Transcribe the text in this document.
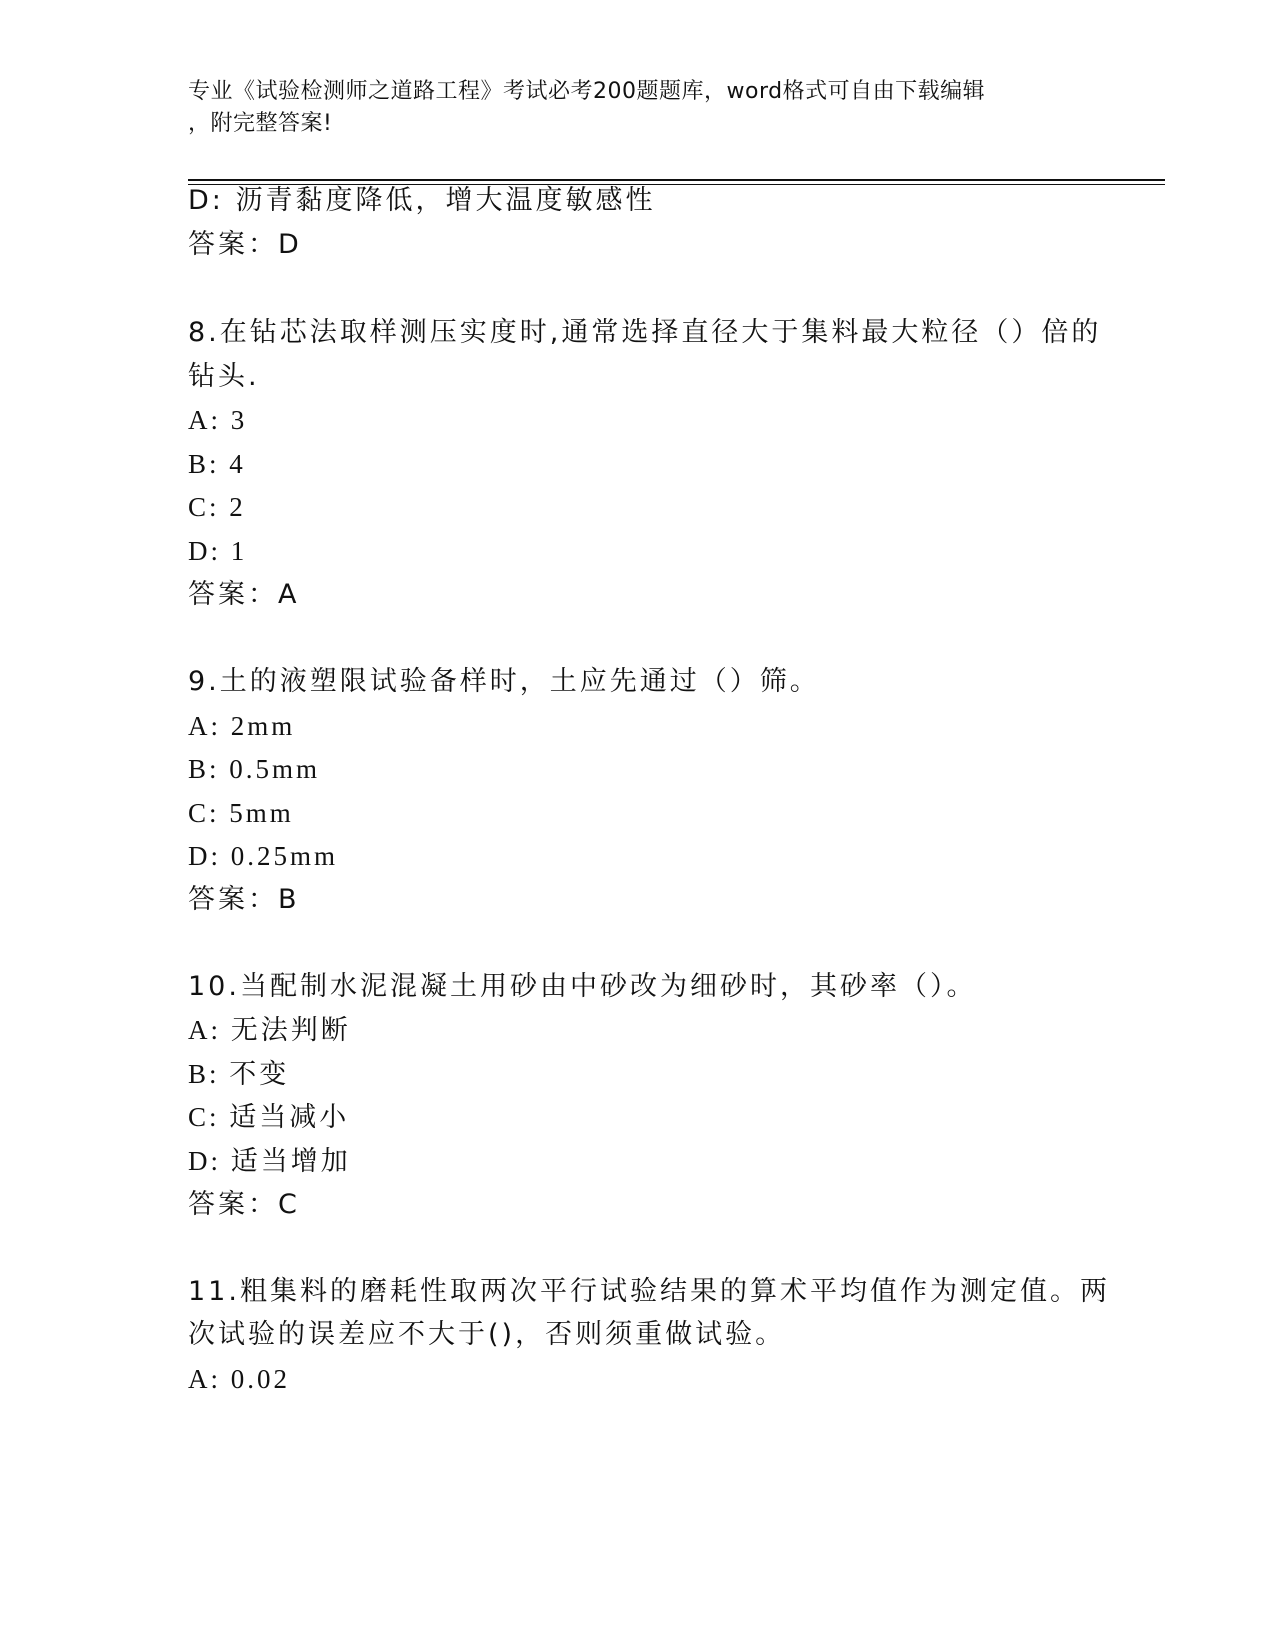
专业《试验检测师之道路工程》考试必考200题题库，word格式可自由下载编辑
，附完整答案!
D: 沥青黏度降低，增大温度敏感性
答案：D
8.在钻芯法取样测压实度时,通常选择直径大于集料最大粒径（）倍的
钻头.
A: 3
B: 4
C: 2
D: 1
答案：A
9.土的液塑限试验备样时，土应先通过（）筛。
A: 2mm
B: 0.5mm
C: 5mm
D: 0.25mm
答案：B
10.当配制水泥混凝土用砂由中砂改为细砂时，其砂率（）。
A: 无法判断
B: 不变
C: 适当减小
D: 适当增加
答案：C
11.粗集料的磨耗性取两次平行试验结果的算术平均值作为测定值。两
次试验的误差应不大于()，否则须重做试验。
A: 0.02
